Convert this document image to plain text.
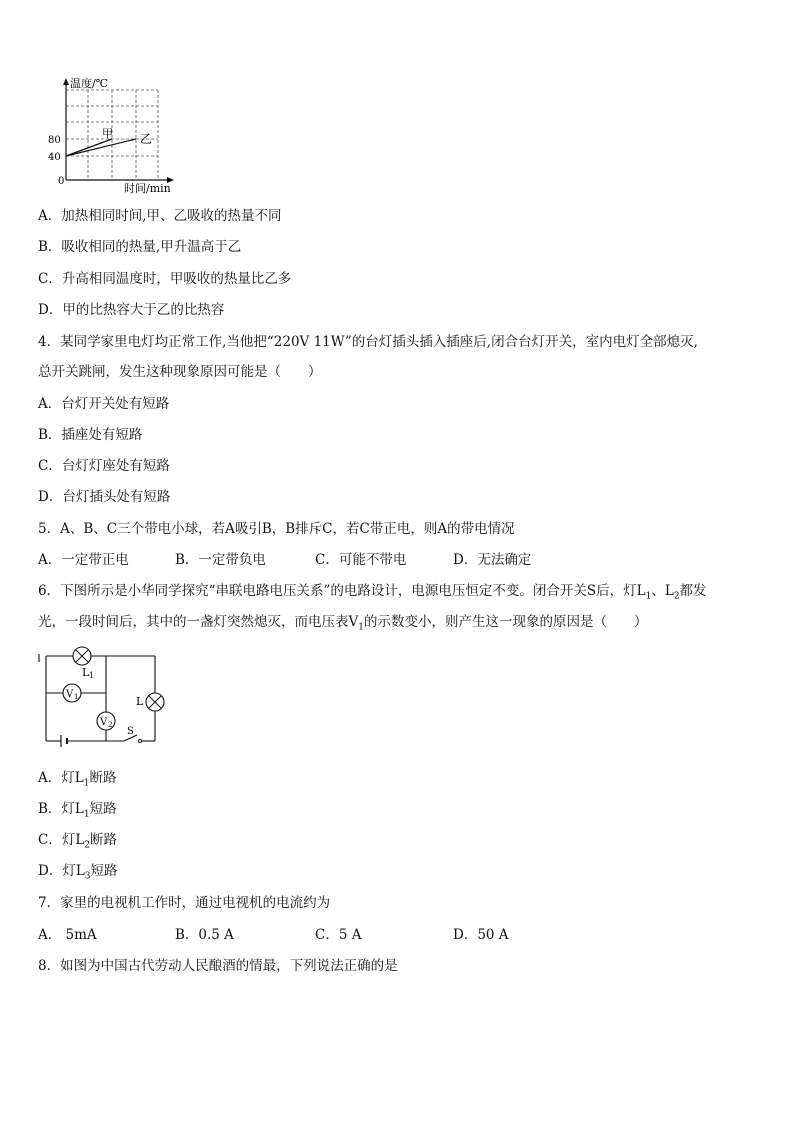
温度/℃
时间/min
0
80
40
甲 乙
A．加热相同时间,甲、乙吸收的热量不同
B．吸收相同的热量,甲升温高于乙
C．升高相同温度时，甲吸收的热量比乙多
D．甲的比热容大于乙的比热容
4．某同学家里电灯均正常工作,当他把“220V 11W”的台灯插头插入插座后,闭合台灯开关，室内电灯全部熄灭,
总开关跳闸，发生这种现象原因可能是（　　）
A．台灯开关处有短路
B．插座处有短路
C．台灯灯座处有短路
D．台灯插头处有短路
5．A、B、C三个带电小球，若A吸引B，B排斥C，若C带正电，则A的带电情况
A．一定带正电	B．一定带负电	C．可能不带电	D．无法确定
6．下图所示是小华同学探究“串联电路电压关系”的电路设计，电源电压恒定不变。闭合开关S后，灯$L_1$、$L_2$都发
光，一段时间后，其中的一盏灯突然熄灭，而电压表$V_1$的示数变小，则产生这一现象的原因是（　　）
V 1
V 2
L 1
L
S
A．灯$L_1$断路
B．灯$L_1$短路
C．灯$L_2$断路
D．灯$L_3$短路
7．家里的电视机工作时，通过电视机的电流约为
A． 5mA	B．0.5 A	C．5 A	D．50 A
8．如图为中国古代劳动人民酿酒的情最，下列说法正确的是
